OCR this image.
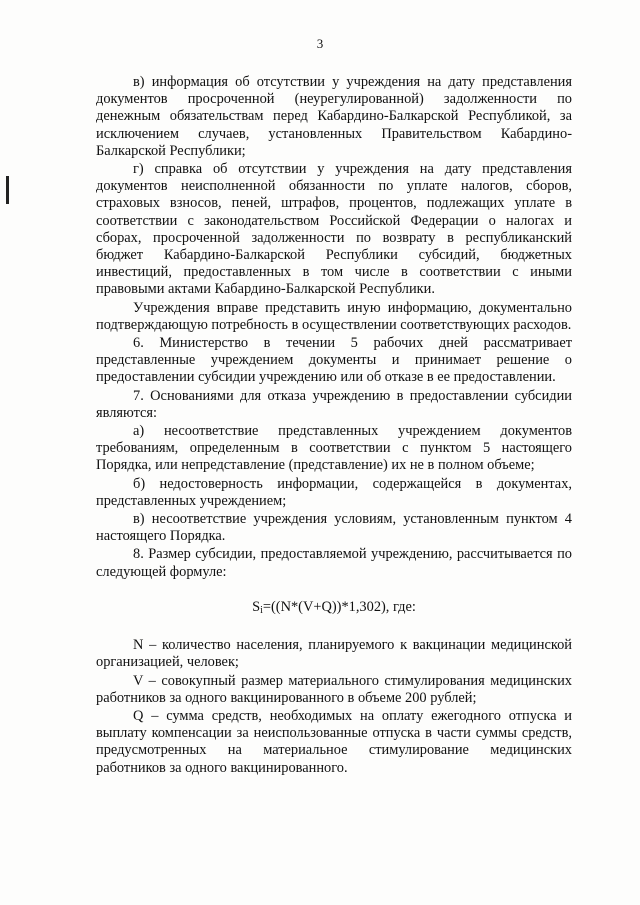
3

в) информация об отсутствии у учреждения на дату представления документов просроченной (неурегулированной) задолженности по денежным обязательствам перед Кабардино-Балкарской Республикой, за исключением случаев, установленных Правительством Кабардино-Балкарской Республики;

г) справка об отсутствии у учреждения на дату представления документов неисполненной обязанности по уплате налогов, сборов, страховых взносов, пеней, штрафов, процентов, подлежащих уплате в соответствии с законодательством Российской Федерации о налогах и сборах, просроченной задолженности по возврату в республиканский бюджет Кабардино-Балкарской Республики субсидий, бюджетных инвестиций, предоставленных в том числе в соответствии с иными правовыми актами Кабардино-Балкарской Республики.

Учреждения вправе представить иную информацию, документально подтверждающую потребность в осуществлении соответствующих расходов.

6. Министерство в течении 5 рабочих дней рассматривает представленные учреждением документы и принимает решение о предоставлении субсидии учреждению или об отказе в ее предоставлении.

7. Основаниями для отказа учреждению в предоставлении субсидии являются:

а) несоответствие представленных учреждением документов требованиям, определенным в соответствии с пунктом 5 настоящего Порядка, или непредставление (представление) их не в полном объеме;

б) недостоверность информации, содержащейся в документах, представленных учреждением;

в) несоответствие учреждения условиям, установленным пунктом 4 настоящего Порядка.

8. Размер субсидии, предоставляемой учреждению, рассчитывается по следующей формуле:

$S_i=((N*(V+Q))*1,302)$, где:

N – количество населения, планируемого к вакцинации медицинской организацией, человек;

V – совокупный размер материального стимулирования медицинских работников за одного вакцинированного в объеме 200 рублей;

Q – сумма средств, необходимых на оплату ежегодного отпуска и выплату компенсации за неиспользованные отпуска в части суммы средств, предусмотренных на материальное стимулирование медицинских работников за одного вакцинированного.
